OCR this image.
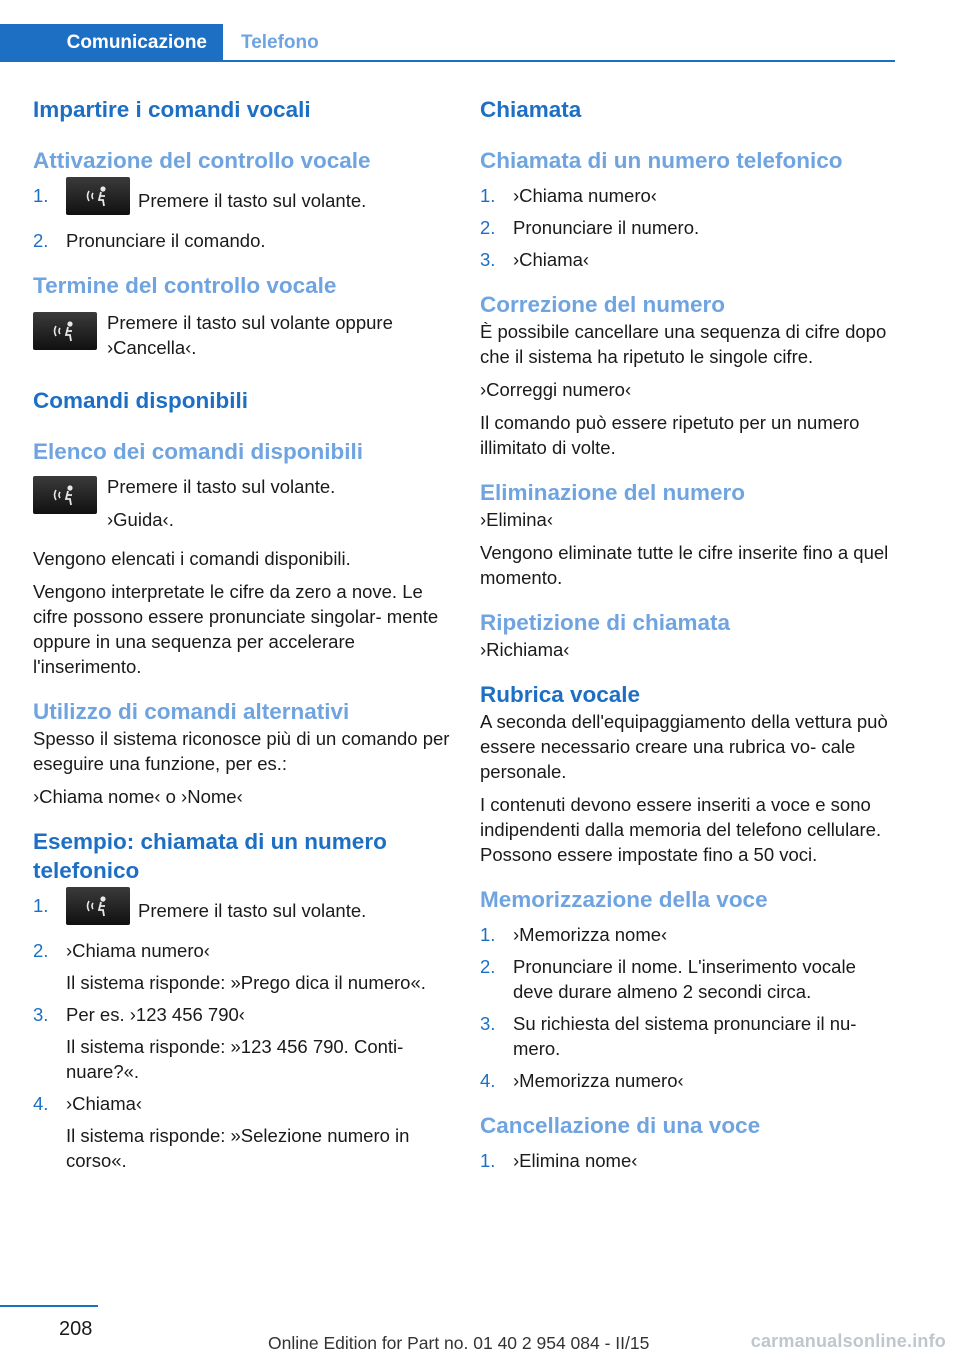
Comunicazione	Telefono
Impartire i comandi vocali
Attivazione del controllo vocale
1.	Premere il tasto sul volante.
2. Pronunciare il comando.
Termine del controllo vocale

Premere il tasto sul volante oppure ›Cancella‹.

Comandi disponibili
Elenco dei comandi disponibili

Premere il tasto sul volante.

›Guida‹.

Vengono elencati i comandi disponibili.

Vengono interpretate le cifre da zero a nove. Le cifre possono essere pronunciate singolar‐ mente oppure in una sequenza per accelerare l'inserimento.

Utilizzo di comandi alternativi

Spesso il sistema riconosce più di un comando per eseguire una funzione, per es.:

›Chiama nome‹ o ›Nome‹

Esempio: chiamata di un numero telefonico
1.	Premere il tasto sul volante.
2. ›Chiama numero‹
Il sistema risponde: »Prego dica il numero«.
3. Per es. ›123 456 790‹
Il sistema risponde: »123 456 790. Conti‐ nuare?«.
4. ›Chiama‹
Il sistema risponde: »Selezione numero in corso«.
Chiamata
Chiamata di un numero telefonico
1. ›Chiama numero‹
2. Pronunciare il numero.
3. ›Chiama‹
Correzione del numero

È possibile cancellare una sequenza di cifre dopo che il sistema ha ripetuto le singole cifre.

›Correggi numero‹

Il comando può essere ripetuto per un numero illimitato di volte.

Eliminazione del numero

›Elimina‹

Vengono eliminate tutte le cifre inserite fino a quel momento.

Ripetizione di chiamata

›Richiama‹

Rubrica vocale

A seconda dell'equipaggiamento della vettura può essere necessario creare una rubrica vo‐ cale personale.

I contenuti devono essere inseriti a voce e sono indipendenti dalla memoria del telefono cellulare. Possono essere impostate fino a 50 voci.

Memorizzazione della voce
1. ›Memorizza nome‹
2. Pronunciare il nome. L'inserimento vocale deve durare almeno 2 secondi circa.
3. Su richiesta del sistema pronunciare il nu‐ mero.
4. ›Memorizza numero‹
Cancellazione di una voce
1. ›Elimina nome‹
208
Online Edition for Part no. 01 40 2 954 084 - II/15	carmanualsonline.info
